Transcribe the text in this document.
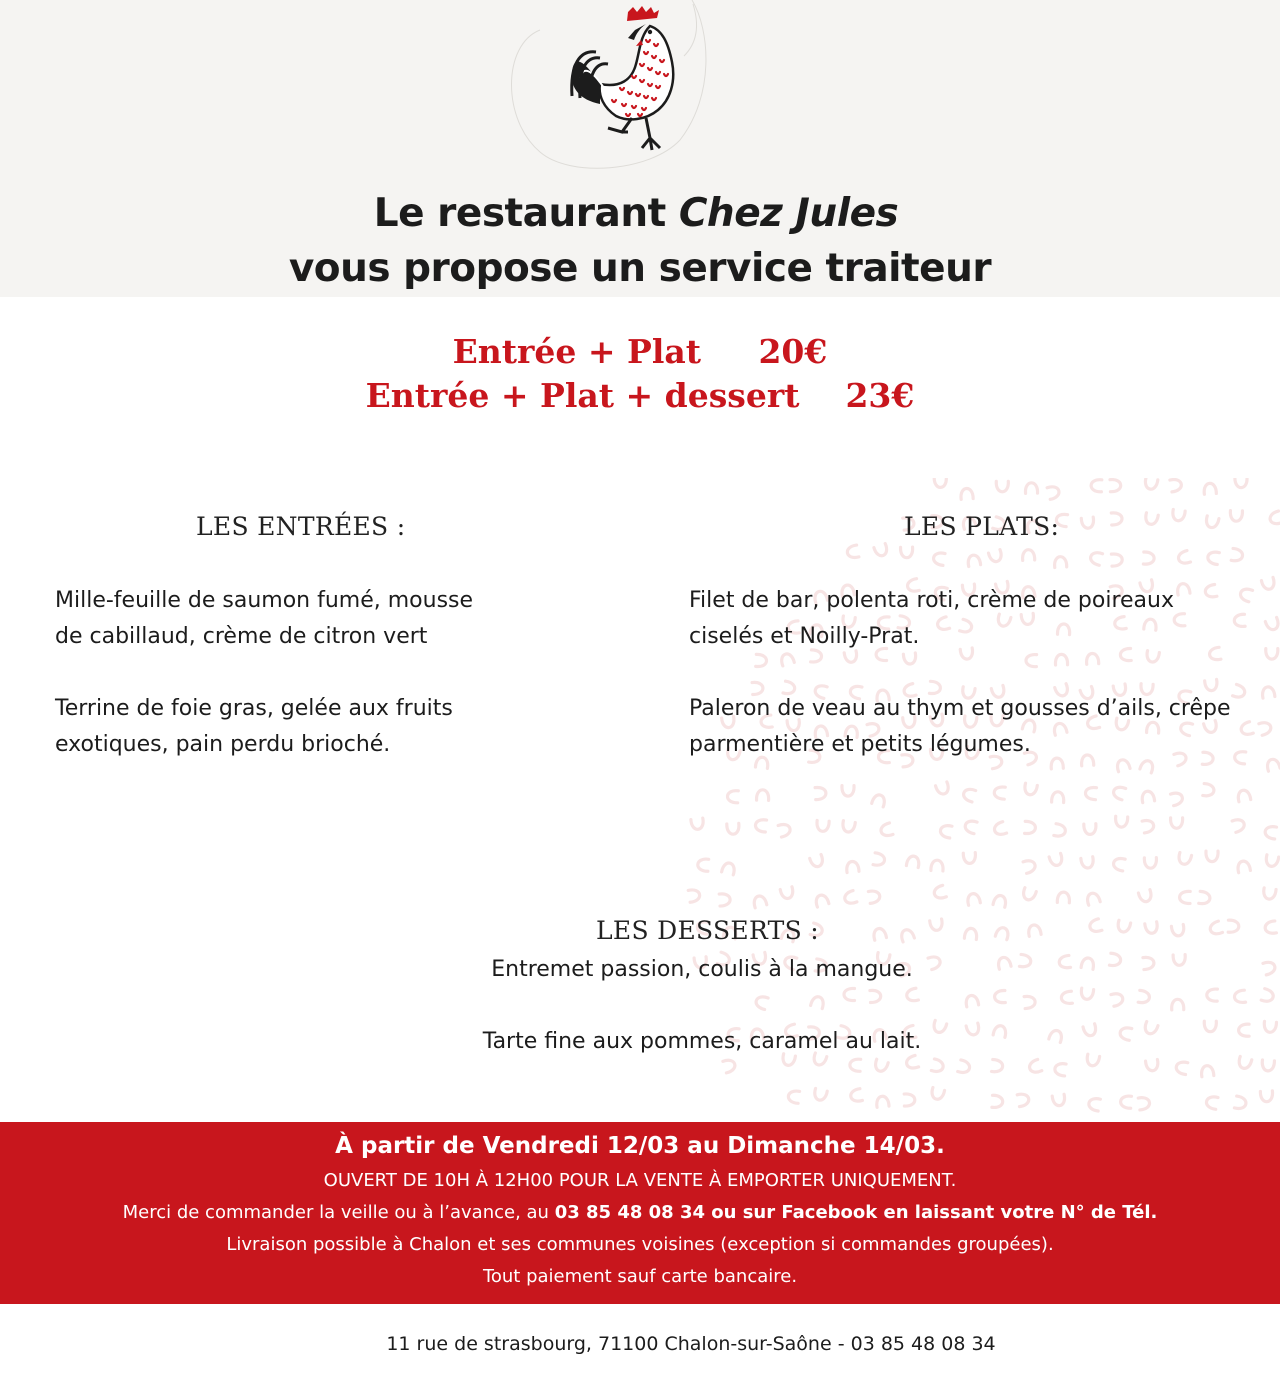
Le restaurant Chez Jules
vous propose un service traiteur
Entrée + Plat 20€
Entrée + Plat + dessert 23€
LES ENTRÉES :	LES PLATS:

Mille-feuille de saumon fumé, mousse
de cabillaud, crème de citron vert

Terrine de foie gras, gelée aux fruits
exotiques, pain perdu brioché.

Filet de bar, polenta roti, crème de poireaux
ciselés et Noilly-Prat.

Paleron de veau au thym et gousses d’ails, crêpe
parmentière et petits légumes.

LES DESSERTS :

Entremet passion, coulis à la mangue.

Tarte fine aux pommes, caramel au lait.

À partir de Vendredi 12/03 au Dimanche 14/03.
OUVERT DE 10H À 12H00 POUR LA VENTE À EMPORTER UNIQUEMENT.
Merci de commander la veille ou à l’avance, au 03 85 48 08 34 ou sur Facebook en laissant votre N° de Tél.
Livraison possible à Chalon et ses communes voisines (exception si commandes groupées).
Tout paiement sauf carte bancaire.
11 rue de strasbourg, 71100 Chalon-sur-Saône - 03 85 48 08 34
